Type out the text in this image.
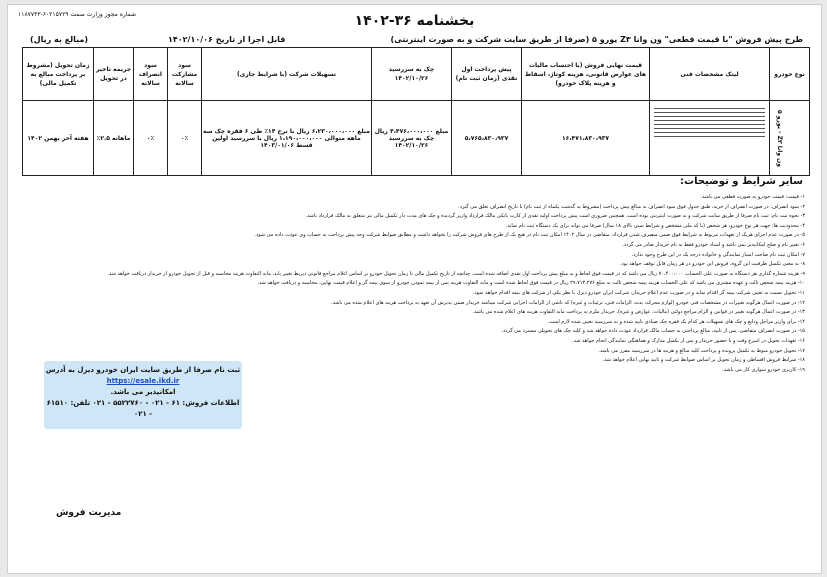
شماره مجوز وزارت صمت ۶۰۲۱۵۷۲۹-۱۱۸۷۷۳۳	بخشنامه ۳۶-۱۴۰۲
طرح پیش فروش "با قیمت قطعی" ون وانا Z۳ یورو ۵ (صرفا از طریق سایت شرکت و به صورت اینترنتی)
قابل اجرا از تاریخ ۱۴۰۲/۱۰/۰۶
(مبالغ به ریال)
نوع خودرو	لینک مشخصات فنی	قیمت نهایی فروش (با احتساب مالیات های عوارض قانونی، هزینه کوتاژ، اسقاط و هزینه پلاک خودرو)	پیش پرداخت اول نقدی (زمان ثبت نام)	چک به سررسید ۱۴۰۲/۱۰/۲۶	تسهیلات شرکت (با شرایط جاری)	سود مشارکت سالانه	سود انصراف سالانه	جریمه تاخیر در تحویل	زمان تحویل (مشروط بر پرداخت مبالغ به تکمیل مالی)
ون وانا Z۳ - یورو ۵		۱۶،۴۷۱،۸۳۰،۹۳۷	۵،۷۶۵،۸۳۰،۹۳۷	مبلغ ۴،۴۷۶،۰۰۰،۰۰۰ ریال چک به سررسید ۱۴۰۲/۱۰/۲۶	مبلغ ۶،۲۳۰،۰۰۰،۰۰۰ ریال با نرخ ۱۴٪ طی ۶ فقره چک سه ماهه متوالی ۱،۱۹۰،۰۰۰،۰۰۰ ریال با سررسید اولین قسط ۱۴۰۳/۰۱/۰۶	۰٪	۰٪	ماهانه ۲.۵٪	هفته آخر بهمن ۱۴۰۲
سایر شرایط و توضیحات:
۱- قیمت: قیمت خودرو به صورت قطعی می باشد.
۲- سود انصراف: در صورت انصراف از خرید، طبق جدول فوق سود انصراف به مبالغ پیش پرداخت (مشروط به گذشت یکماه از ثبت نام) تا تاریخ انصراف تعلق می گیرد.
۳- نحوه ثبت نام: ثبت نام صرفا از طریق سایت شرکت و به صورت اینترنتی بوده است. همچنین ضروری است پیش پرداخت اولیه نقدی از کارت بانکی مالک قرارداد واریز گردیده و چک های مدت دار تکمیل مالی نیز متعلق به مالک قرارداد باشد.
۴- محدودیت ها: جهت هر نوع خودرو، هر شخص (با کد ملی مشخص و شرایط سنی بالای ۱۸ سال) صرفا می تواند برای یک دستگاه ثبت نام نماید.
۵- در صورت عدم اجرای هریک از تعهدات مربوط به شرایط فوق ضمن منصرف شدن قرارداد، متقاضی در سال ۱۴۰۲ امکان ثبت نام در هیچ یک از طرح های فروش شرکت را نخواهد داشت و مطابق ضوابط شرکت وجه پیش پرداخت به حساب وی عودت داده می شود.
۶- تغییر نام و صلح امکانپذیر نمی باشد و اسناد خودرو فقط به نام خریدار صادر می گردد.
۷- امکان ثبت نام صاحب امتیاز نمایندگی و خانواده درجه یک در این طرح وجود ندارد.
۸- به معنی تکمیل ظرفیت این گروه، فروش این خودرو در هر زمان قابل توقف خواهد بود.
۹- هزینه شماره گذاری هر دستگاه به صورت علی الحساب ۷۰،۴۰۰،۰۰۰ ریال می باشد که در قیمت فوق لحاظ و به مبلغ پیش پرداخت اول نقدی اضافه شده است. چنانچه از تاریخ تکمیل مالی تا زمان تحویل خودرو بر اساس اعلام مراجع قانونی ذیربط تغییر یابد، مابه التفاوت هزینه محاسبه و قبل از تحویل خودرو از خریدار دریافت خواهد شد.
۱۰- هزینه بیمه شخص ثالث و عهده مشتری می باشد که علی الحساب هزینه بیمه شخص ثالث به مبلغ ۲۹،۷۱۳،۲۷۶ ریال در قیمت فوق لحاظ شده است و مابه التفاوت هزینه پس از بیمه نمودن خودرو از سوی بیمه گر و اعلام قیمت نهایی، محاسبه و دریافت خواهد شد.
۱۱- تحویل نسبت به تعیین شرکت بیمه گر اقدام نماید و در صورت عدم اعلام خریدار، شرکت ایران خودرو دیزل با نظر یکی از شرکت های بیمه اقدام خواهد نمود.
۱۲- در صورت اعمال هرگونه تغییرات در مشخصات فنی خودرو (لوازم محرکه، بدنه، الزامات فنی، تزئینات و غیره) که ناشی از الزامات اجرایی شرکت میباشد خریدار ضمن پذیرش آن تعهد به پرداخت هزینه های اعلام شده می باشد.
۱۳- در صورت اعمال هرگونه تغییر در قوانین و الزام مراجع دولتی (مالیات، عوارض و غیره)، خریدار ملزم به پرداخت مابه التفاوت هزینه های اعلام شده می باشد.
۱۴- برای واریز مراحل ودایع و چک های تسهیلات هر کدام یک فقره چک صیادی تایید شده و به سررسید تعیین شده لازم است.
۱۵- در صورت انصراف متقاضی، پس از تایید، مبالغ پرداختی به حساب مالک قرارداد عودت داده خواهد شد و کلیه چک های تحویلی مسترد می گردد.
۱۶- تعهدات تحویل در اسرع وقت و با حضور خریدار و پس از تکمیل مدارک و هماهنگی نمایندگی انجام خواهد شد.
۱۷- تحویل خودرو منوط به تکمیل پرونده و پرداخت کلیه مبالغ و هزینه ها در سررسید مقرر می باشد.
۱۸- شرایط فروش اقساطی و زمان تحویل بر اساس ضوابط شرکت و تایید نهایی اعلام خواهد شد.
۱۹- کاربری خودرو سواری کار می باشد.
ثبت نام صرفا از طریق سایت ایران خودرو دیزل به آدرس
https://esale.ikd.ir
امکانپذیر می باشد.
اطلاعات فروش: ۶۱ - ۰۲۱ - ۵۵۲۲۷۶۰ - ۰۲۱ تلفن: ۶۱۵۱۰ - ۰۲۱
مدیریت فروش
